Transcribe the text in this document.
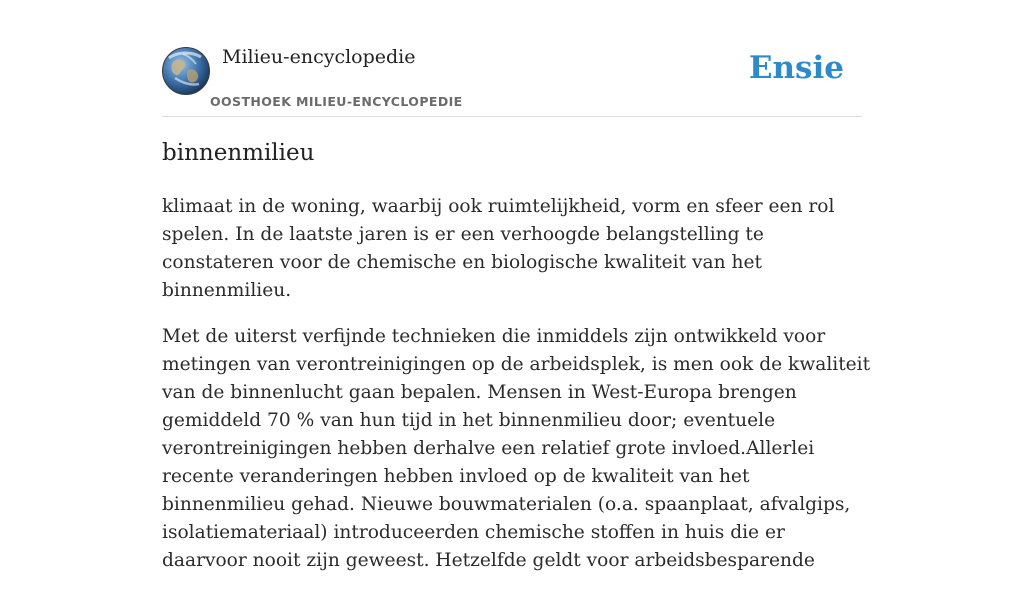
Milieu-encyclopedie
OOSTHOEK MILIEU-ENCYCLOPEDIE
Ensie
binnenmilieu

klimaat in de woning, waarbij ook ruimtelijkheid, vorm en sfeer een rol spelen. In de laatste jaren is er een verhoogde belangstelling te constateren voor de chemische en biologische kwaliteit van het binnenmilieu.

Met de uiterst verfijnde technieken die inmiddels zijn ontwikkeld voor metingen van verontreinigingen op de arbeidsplek, is men ook de kwaliteit van de binnenlucht gaan bepalen. Mensen in West-Europa brengen gemiddeld 70 % van hun tijd in het binnenmilieu door; eventuele verontreinigingen hebben derhalve een relatief grote invloed.Allerlei recente veranderingen hebben invloed op de kwaliteit van het binnenmilieu gehad. Nieuwe bouwmaterialen (o.a. spaanplaat, afvalgips, isolatiemateriaal) introduceerden chemische stoffen in huis die er daarvoor nooit zijn geweest. Hetzelfde geldt voor arbeidsbesparende
